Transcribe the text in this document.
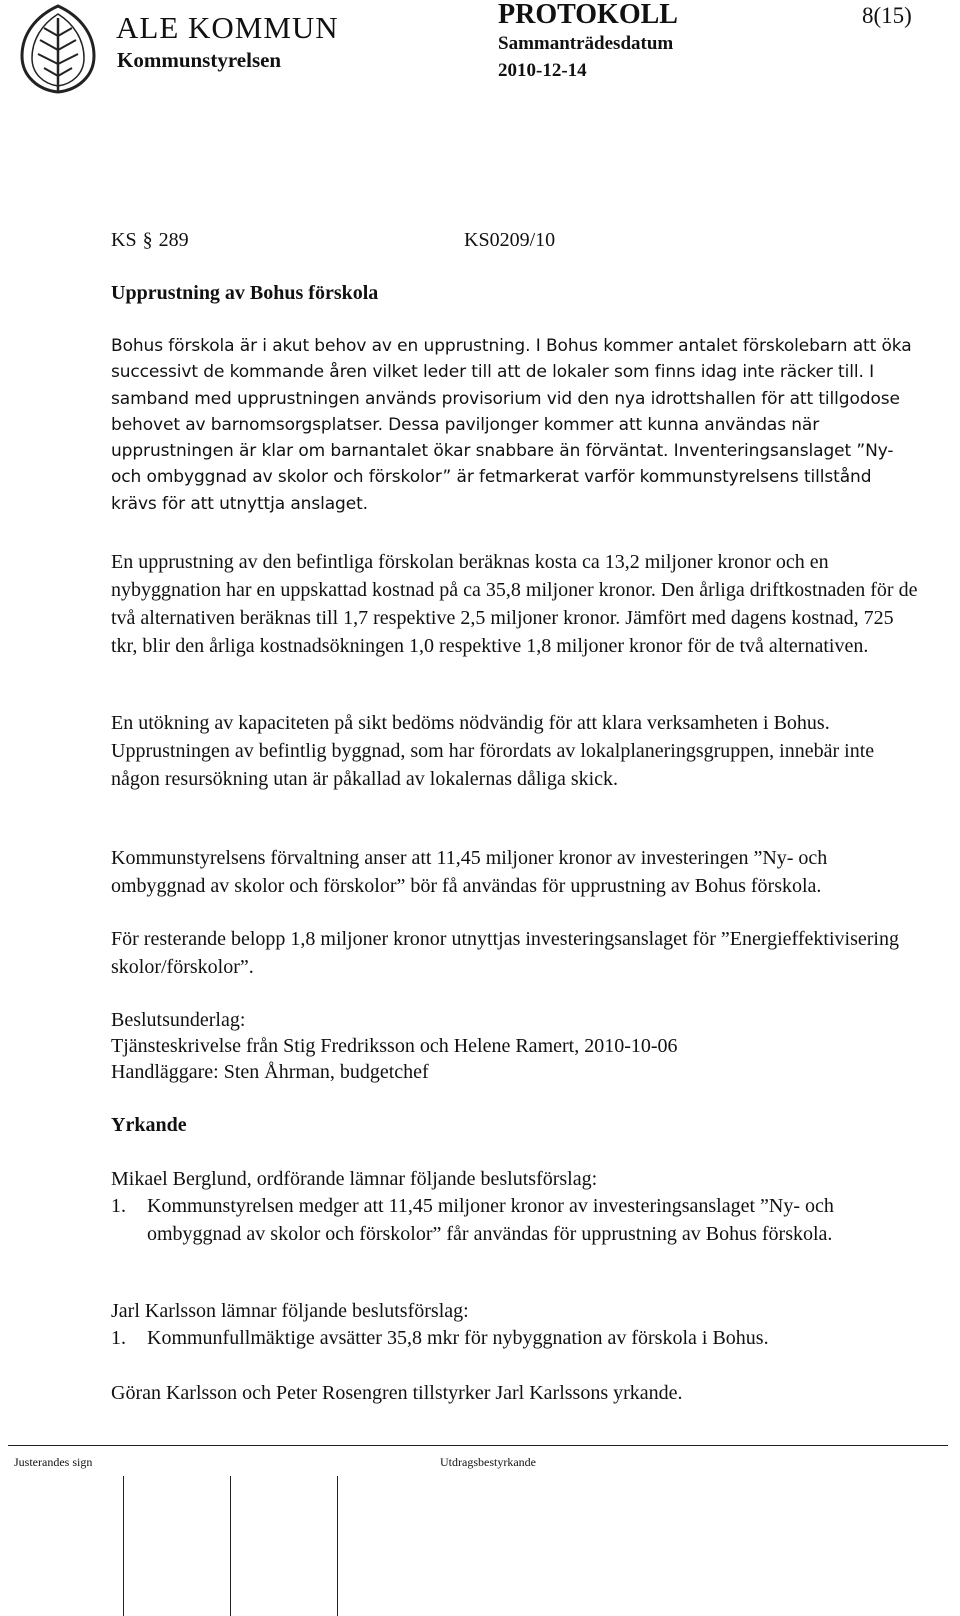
ALE KOMMUN
Kommunstyrelsen
PROTOKOLL	8(15)
Sammanträdesdatum
2010-12-14
KS § 289	KS0209/10
Upprustning av Bohus förskola
Bohus förskola är i akut behov av en upprustning. I Bohus kommer antalet förskolebarn att öka successivt de kommande åren vilket leder till att de lokaler som finns idag inte räcker till. I samband med upprustningen används provisorium vid den nya idrottshallen för att tillgodose behovet av barnomsorgsplatser. Dessa paviljonger kommer att kunna användas när upprustningen är klar om barnantalet ökar snabbare än förväntat. Inventeringsanslaget ”Ny- och ombyggnad av skolor och förskolor” är fetmarkerat varför kommunstyrelsens tillstånd krävs för att utnyttja anslaget.
En upprustning av den befintliga förskolan beräknas kosta ca 13,2 miljoner kronor och en nybyggnation har en uppskattad kostnad på ca 35,8 miljoner kronor. Den årliga driftkostnaden för de två alternativen beräknas till 1,7 respektive 2,5 miljoner kronor. Jämfört med dagens kostnad, 725 tkr, blir den årliga kostnadsökningen 1,0 respektive 1,8 miljoner kronor för de två alternativen.
En utökning av kapaciteten på sikt bedöms nödvändig för att klara verksamheten i Bohus. Upprustningen av befintlig byggnad, som har förordats av lokalplaneringsgruppen, innebär inte någon resursökning utan är påkallad av lokalernas dåliga skick.
Kommunstyrelsens förvaltning anser att 11,45 miljoner kronor av investeringen ”Ny- och ombyggnad av skolor och förskolor” bör få användas för upprustning av Bohus förskola.
För resterande belopp 1,8 miljoner kronor utnyttjas investeringsanslaget för ”Energieffektivisering skolor/förskolor”.
Beslutsunderlag:
Tjänsteskrivelse från Stig Fredriksson och Helene Ramert, 2010-10-06
Handläggare: Sten Åhrman, budgetchef
Yrkande
Mikael Berglund, ordförande lämnar följande beslutsförslag:
1.	Kommunstyrelsen medger att 11,45 miljoner kronor av investeringsanslaget ”Ny- och ombyggnad av skolor och förskolor” får användas för upprustning av Bohus förskola.
Jarl Karlsson lämnar följande beslutsförslag:
1.	Kommunfullmäktige avsätter 35,8 mkr för nybyggnation av förskola i Bohus.
Göran Karlsson och Peter Rosengren tillstyrker Jarl Karlssons yrkande.
Justerandes sign	Utdragsbestyrkande
